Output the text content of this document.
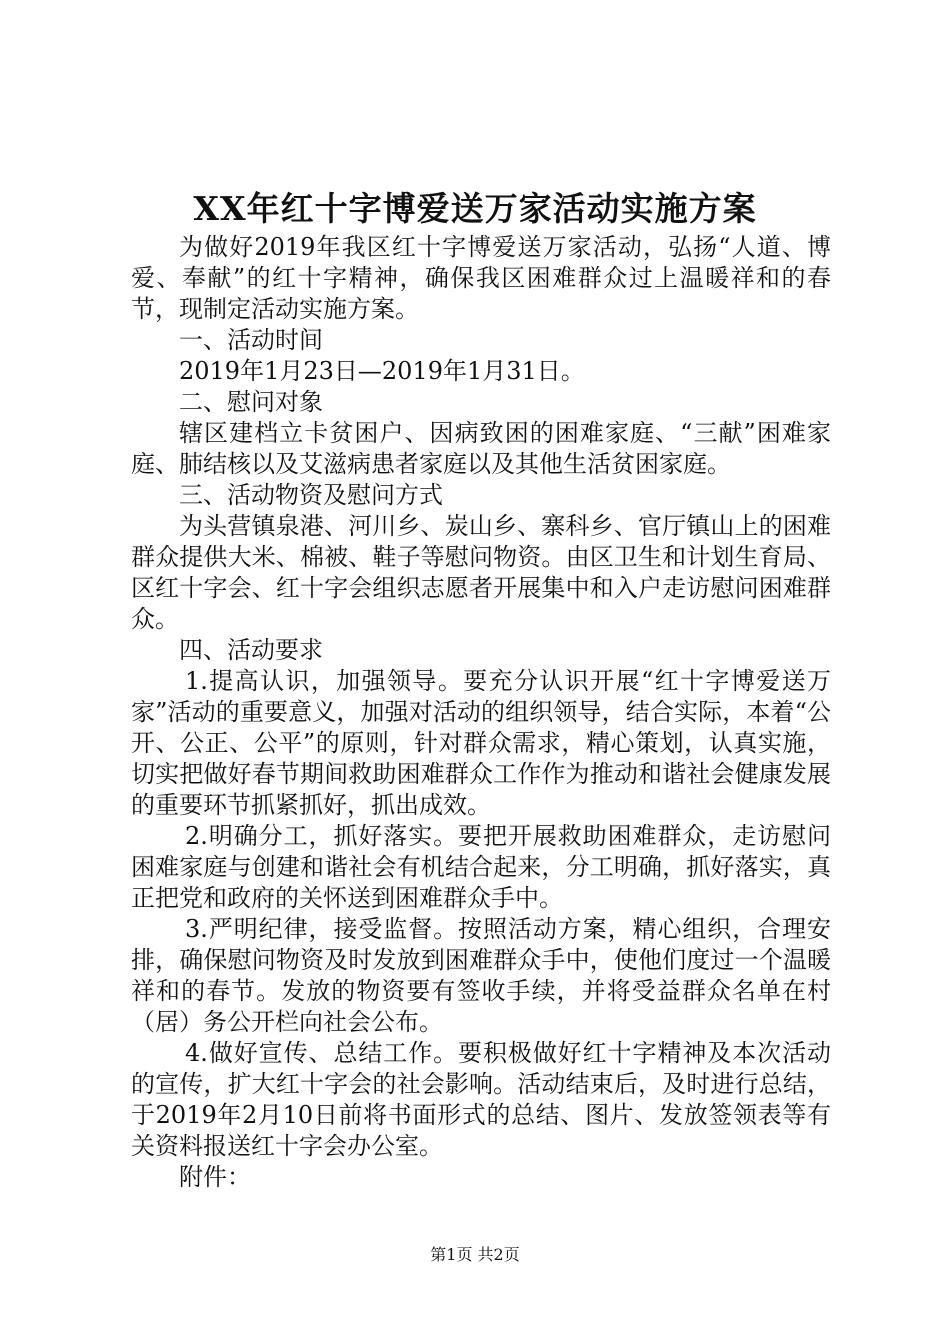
XX年红十字博爱送万家活动实施方案

为做好2019年我区红十字博爱送万家活动，弘扬“人道、博爱、奉献”的红十字精神，确保我区困难群众过上温暖祥和的春节，现制定活动实施方案。

一、活动时间

2019年1月23日—2019年1月31日。

二、慰问对象

辖区建档立卡贫困户、因病致困的困难家庭、“三献”困难家庭、肺结核以及艾滋病患者家庭以及其他生活贫困家庭。

三、活动物资及慰问方式

为头营镇泉港、河川乡、炭山乡、寨科乡、官厅镇山上的困难群众提供大米、棉被、鞋子等慰问物资。由区卫生和计划生育局、区红十字会、红十字会组织志愿者开展集中和入户走访慰问困难群众。

四、活动要求

1.提高认识，加强领导。要充分认识开展“红十字博爱送万家”活动的重要意义，加强对活动的组织领导，结合实际，本着“公开、公正、公平”的原则，针对群众需求，精心策划，认真实施，切实把做好春节期间救助困难群众工作作为推动和谐社会健康发展的重要环节抓紧抓好，抓出成效。

2.明确分工，抓好落实。要把开展救助困难群众，走访慰问困难家庭与创建和谐社会有机结合起来，分工明确，抓好落实，真正把党和政府的关怀送到困难群众手中。

3.严明纪律，接受监督。按照活动方案，精心组织，合理安排，确保慰问物资及时发放到困难群众手中，使他们度过一个温暖祥和的春节。发放的物资要有签收手续，并将受益群众名单在村（居）务公开栏向社会公布。

4.做好宣传、总结工作。要积极做好红十字精神及本次活动的宣传，扩大红十字会的社会影响。活动结束后，及时进行总结，于2019年2月10日前将书面形式的总结、图片、发放签领表等有关资料报送红十字会办公室。

附件：

第1页 共2页
